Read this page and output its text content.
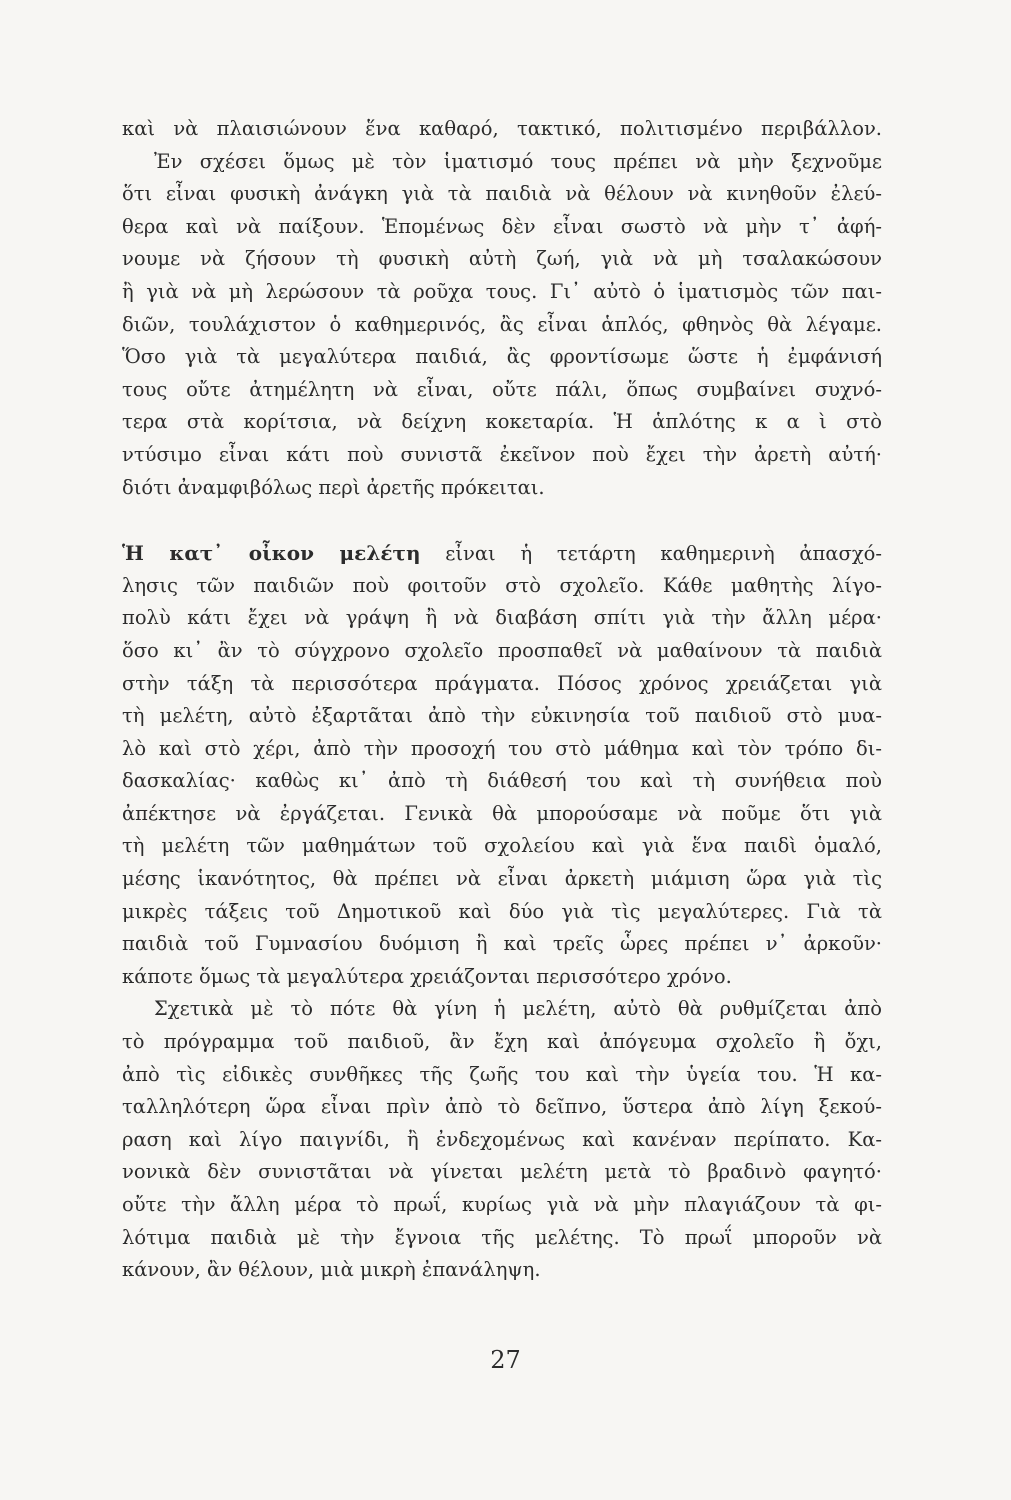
καὶ νὰ πλαισιώνουν ἕνα καθαρό, τακτικό, πολιτισμένο περιβάλλον.
Ἐν σχέσει ὅμως μὲ τὸν ἱματισμό τους πρέπει νὰ μὴν ξεχνοῦμε
ὅτι εἶναι φυσικὴ ἀνάγκη γιὰ τὰ παιδιὰ νὰ θέλουν νὰ κινηθοῦν ἐλεύ-
θερα καὶ νὰ παίξουν. Ἑπομένως δὲν εἶναι σωστὸ νὰ μὴν τ᾽ ἀφή-
νουμε νὰ ζήσουν τὴ φυσικὴ αὐτὴ ζωή, γιὰ νὰ μὴ τσαλακώσουν
ἢ γιὰ νὰ μὴ λερώσουν τὰ ροῦχα τους. Γι᾽ αὐτὸ ὁ ἱματισμὸς τῶν παι-
διῶν, τουλάχιστον ὁ καθημερινός, ἂς εἶναι ἁπλός, φθηνὸς θὰ λέγαμε.
Ὅσο γιὰ τὰ μεγαλύτερα παιδιά, ἂς φροντίσωμε ὥστε ἡ ἐμφάνισή
τους οὔτε ἀτημέλητη νὰ εἶναι, οὔτε πάλι, ὅπως συμβαίνει συχνό-
τερα στὰ κορίτσια, νὰ δείχνη κοκεταρία. Ἡ ἁπλότης κ α ὶ στὸ
ντύσιμο εἶναι κάτι ποὺ συνιστᾶ ἐκεῖνον ποὺ ἔχει τὴν ἀρετὴ αὐτή·
διότι ἀναμφιβόλως περὶ ἀρετῆς πρόκειται.
Ἡ κατ᾽ οἶκον μελέτη εἶναι ἡ τετάρτη καθημερινὴ ἀπασχό-
λησις τῶν παιδιῶν ποὺ φοιτοῦν στὸ σχολεῖο. Κάθε μαθητὴς λίγο-
πολὺ κάτι ἔχει νὰ γράψη ἢ νὰ διαβάση σπίτι γιὰ τὴν ἄλλη μέρα·
ὅσο κι᾽ ἂν τὸ σύγχρονο σχολεῖο προσπαθεῖ νὰ μαθαίνουν τὰ παιδιὰ
στὴν τάξη τὰ περισσότερα πράγματα. Πόσος χρόνος χρειάζεται γιὰ
τὴ μελέτη, αὐτὸ ἐξαρτᾶται ἀπὸ τὴν εὐκινησία τοῦ παιδιοῦ στὸ μυα-
λὸ καὶ στὸ χέρι, ἀπὸ τὴν προσοχή του στὸ μάθημα καὶ τὸν τρόπο δι-
δασκαλίας· καθὼς κι᾽ ἀπὸ τὴ διάθεσή του καὶ τὴ συνήθεια ποὺ
ἀπέκτησε νὰ ἐργάζεται. Γενικὰ θὰ μπορούσαμε νὰ ποῦμε ὅτι γιὰ
τὴ μελέτη τῶν μαθημάτων τοῦ σχολείου καὶ γιὰ ἕνα παιδὶ ὁμαλό,
μέσης ἱκανότητος, θὰ πρέπει νὰ εἶναι ἀρκετὴ μιάμιση ὥρα γιὰ τὶς
μικρὲς τάξεις τοῦ Δημοτικοῦ καὶ δύο γιὰ τὶς μεγαλύτερες. Γιὰ τὰ
παιδιὰ τοῦ Γυμνασίου δυόμιση ἢ καὶ τρεῖς ὧρες πρέπει ν᾽ ἀρκοῦν·
κάποτε ὅμως τὰ μεγαλύτερα χρειάζονται περισσότερο χρόνο.
Σχετικὰ μὲ τὸ πότε θὰ γίνη ἡ μελέτη, αὐτὸ θὰ ρυθμίζεται ἀπὸ
τὸ πρόγραμμα τοῦ παιδιοῦ, ἂν ἔχη καὶ ἀπόγευμα σχολεῖο ἢ ὄχι,
ἀπὸ τὶς εἰδικὲς συνθῆκες τῆς ζωῆς του καὶ τὴν ὑγεία του. Ἡ κα-
ταλληλότερη ὥρα εἶναι πρὶν ἀπὸ τὸ δεῖπνο, ὕστερα ἀπὸ λίγη ξεκού-
ραση καὶ λίγο παιγνίδι, ἢ ἐνδεχομένως καὶ κανέναν περίπατο. Κα-
νονικὰ δὲν συνιστᾶται νὰ γίνεται μελέτη μετὰ τὸ βραδινὸ φαγητό·
οὔτε τὴν ἄλλη μέρα τὸ πρωΐ, κυρίως γιὰ νὰ μὴν πλαγιάζουν τὰ φι-
λότιμα παιδιὰ μὲ τὴν ἔγνοια τῆς μελέτης. Τὸ πρωΐ μποροῦν νὰ
κάνουν, ἂν θέλουν, μιὰ μικρὴ ἐπανάληψη.
27
